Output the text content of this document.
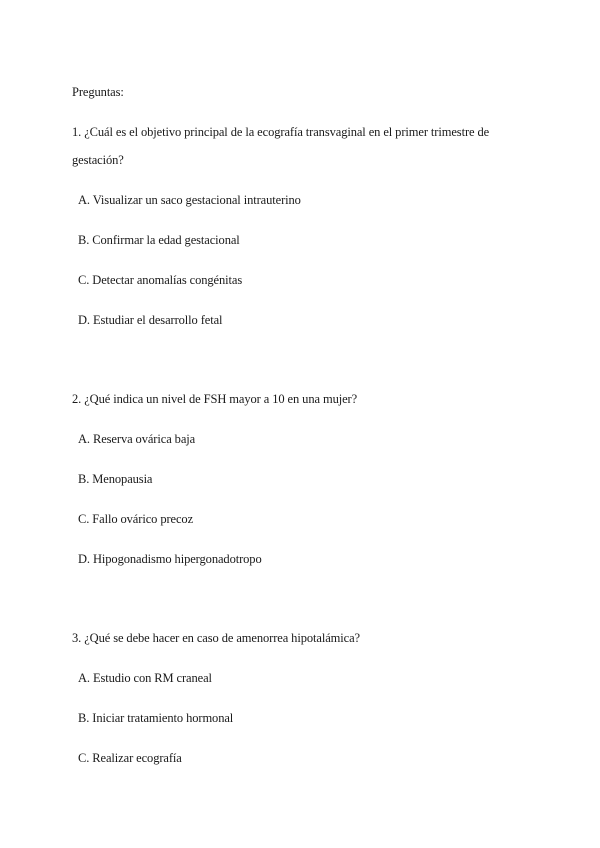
Preguntas:
1. ¿Cuál es el objetivo principal de la ecografía transvaginal en el primer trimestre de
gestación?
A. Visualizar un saco gestacional intrauterino
B. Confirmar la edad gestacional
C. Detectar anomalías congénitas
D. Estudiar el desarrollo fetal
2. ¿Qué indica un nivel de FSH mayor a 10 en una mujer?
A. Reserva ovárica baja
B. Menopausia
C. Fallo ovárico precoz
D. Hipogonadismo hipergonadotropo
3. ¿Qué se debe hacer en caso de amenorrea hipotalámica?
A. Estudio con RM craneal
B. Iniciar tratamiento hormonal
C. Realizar ecografía
